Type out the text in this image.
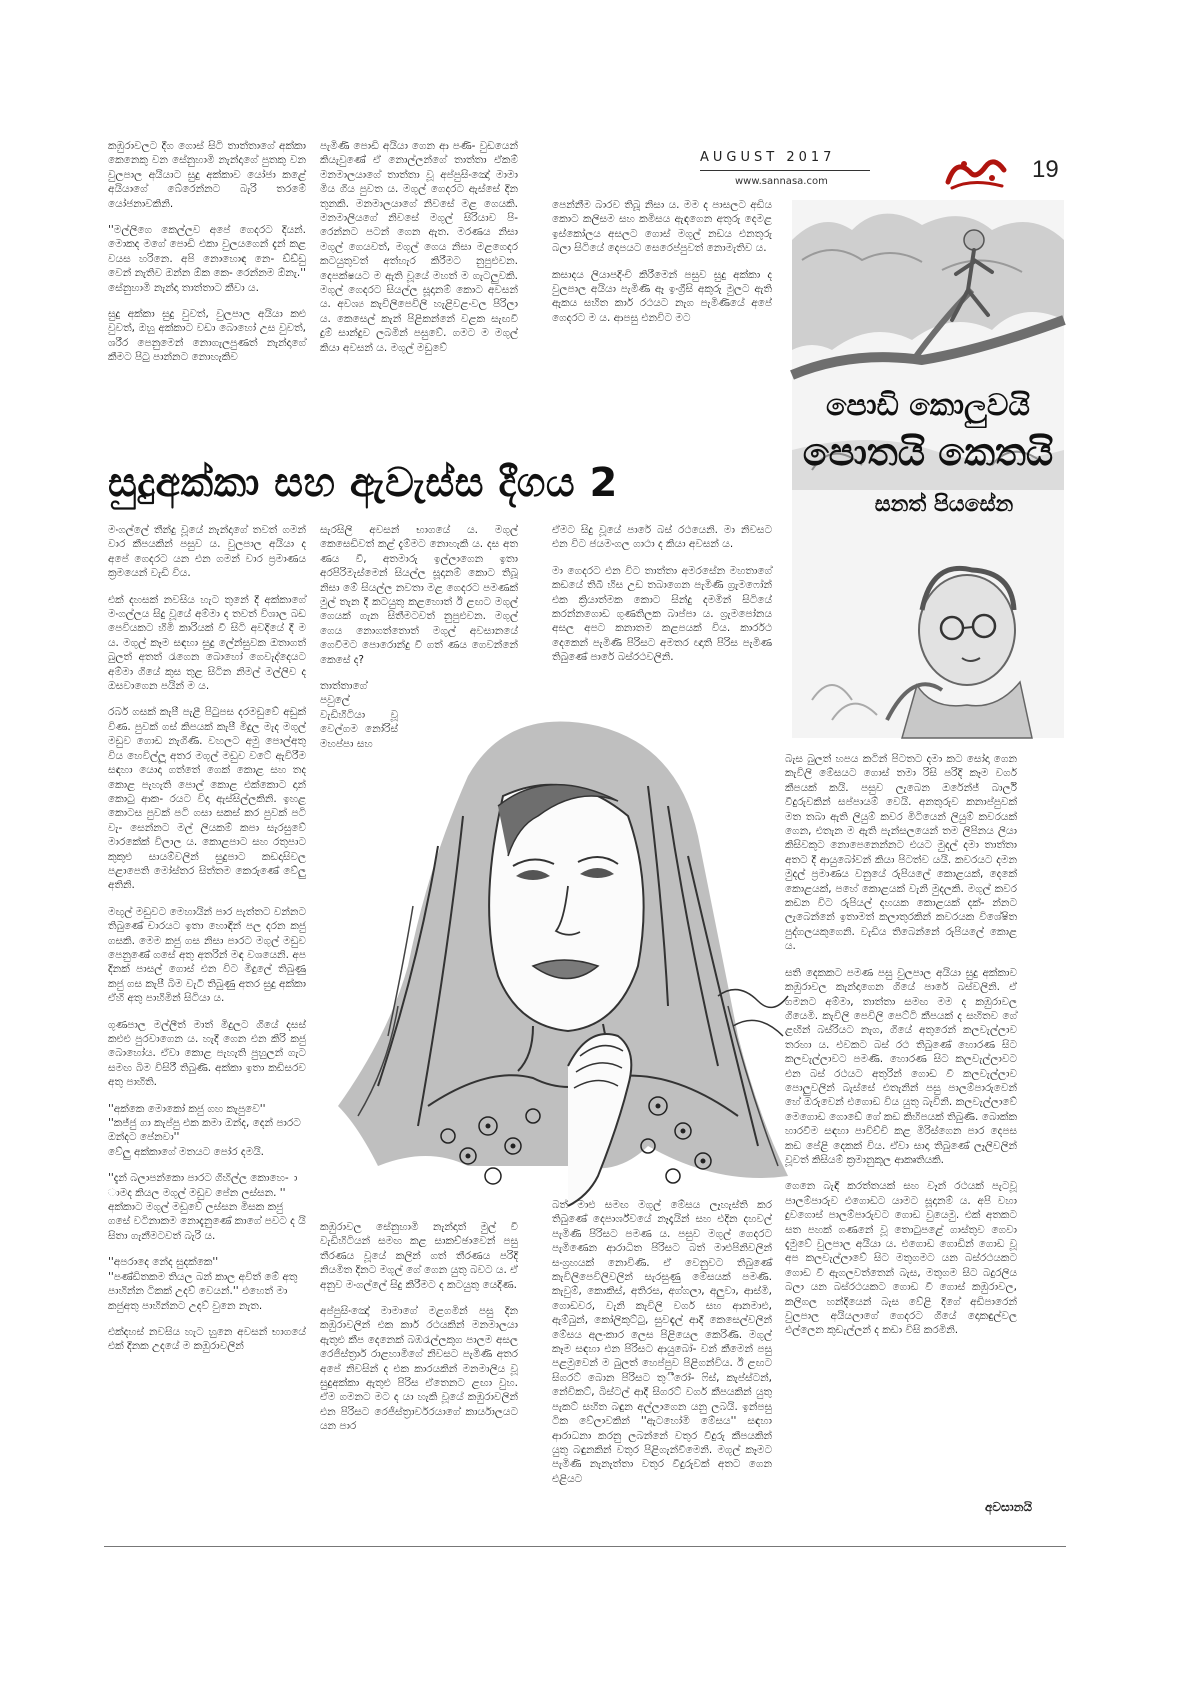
AUGUST 2017
www.sannasa.com	19

කඹුරාවලට දීග ගොස් සිටි තාත්තාගේ අක්කා කෙනෙකු වන සේනුහාමි නැන්දාගේ පුතකු වන වුලපාල අයියාට සුදු අක්කාව යෝජා කළේ අයියාගේ බේරෙන්නට බැරි තරමේ යෝජනාවකිනි.

''මල්ලිගෙ කෙල්ලව අපේ ගෙදරට දියන්. මොකද මගේ පොඩි එකා වුලයගෙන් දැන් කළ වයස හරිනෙ. අපි නොහොඳ නෙ- ඩ්ඩ්ඩු වෙන් නැතිව ඔන්න ඕක කෙ- රෙන්නම ඕනැ.'' සේනුහාමි නැන්දා තාත්තාට කීවා ය.

සුදු අක්කා සුදු වුවත්, වුලපාල අයියා කළු වුවත්, ඔහු අක්කාට වඩා බොහෝ උස වුවත්, ශරීර පෙනුමෙන් නොගැලපුණත් නැන්දාගේ කීමට පිටු පාන්නට නොහැකිව

පැමිණි පොඩි අයියා ගෙන ආ පණි- වුඩයෙන් කියැවුණේ ඒ නොල්ලන්ගේ තාත්තා ඒකම් මනමාලයාගේ තාත්තා වූ අප්පුසිංඤෝ මාමා මිය ගිය පුවත ය. මගුල් ගෙදරට ඇස්සේ දින තුනකි. මනමාලයාගේ නිවසේ මළ ගෙයකි. මනමාලියගේ නිවසේ මගුල් සිරියාව පි- රෙන්නට පටන් ගෙන ඇත. මරණය නිසා මගුල් ගෙයවත්, මගුල් ගෙය නිසා මළගෙදර කටයුතුවත් අත්හැර කිරීමට නුපුළුවන. දෙපක්ෂයට ම ඇති වූයේ මහත් ම ගැටලුවකි. මගුල් ගෙදරට සියල්ල සූදානම් කොට අවසන් ය. අවශ්‍ය කැවිලිපෙවිලි හැළිවළංවල පිරිලා ය. කෙසෙල් කැන් පිළිකන්නේ වළක සැඟවී දුම් සාන්දුව ලබමින් පසුවේ. ගමට ම මගුල් කියා අවසන් ය. මගුල් මඩුවේ

පෙන්නීම බාරව තිබූ නිසා ය. මම ද පාසලට අඩිය කොට කලිසම සහ කමිසය ඇඳගෙන අතුරු දෙමළ ඉස්කෝලය අසලට ගොස් මගුල් නඩය එනතුරු බලා සිටියේ දෙපයට සෙරෙප්පුවත් නොමැතිව ය.

කසාදය ලියාපදිංචි කිරීමෙන් පසුව සුදු අක්කා ද වුලපාල අයියා පැමිණි ඈ ඉංග්‍රීසි අකුරු මුලට ඇති ඇකය සහිත කාර් රථයට නැග පැමිණියේ අපේ ගෙදරට ම ය. ආපසු එනවිට මට

පොඩි කොලුවයි
පොතයි කෙතයි
සනත් පියසේන
සුදුඅක්කා සහ ඇවැස්ස දීගය 2

මංගල්ලේ තීන්දු වූයේ නැන්දාගේ තවත් ගමන් වාර කීපයකින් පසුව ය. වුලපාල අයියා ද අපේ ගෙදරට යන එන ගමන් වාර ප්‍රමාණය ක්‍රමයෙන් වැඩි විය.

එක් දහසක් නවසිය හැට තුනේ දී අක්කාගේ මංගල්ලය සිදු වූයේ අම්මා ද තවත් විශාල බඩ පෙවියකට හිමි කාරියක් වී සිටි අවදියේ දී ම ය. මගුල් කෑම සඳහා සුදු ලේන්සුවක ඔතාගත් බුලත් අතත් රැගෙන බොහෝ ගෙවැද්දෙයට අම්මා ගියේ කුස තුළ සිටින නිමල් මල්ලිව ද ඔසවාගෙන පයින් ම ය.

රබර් ගසක් කැපී පැළී පිටුපස දරමඩුවේ අඩුක් විණ. පුවක් ගස් කිපයක් කැපී මිදුල මැද මගුල් මඩුව ගොඩ නැගිණි. වහලට අමු පොල්අතු විය හෙවිල්ලූ අතර මගුල් මඩුව වටේ ඇවිරීම සඳහා යොදා ගත්තේ ගෙක් කොළ සහ තද කොළ පැහැති පොල් කොළ එක්කොට දාන් කොටු ආක- රයට විදා ඇස්සිල්ලකිනි. ඉහළ කොටස පුවක් පටි ගසා සකස් කර පුවක් පටි වැ- සෙන්නට මල් ලියකම් කපා සැරසුවේ මාරකේක් විලාල ය. කොළපාට සහ රතුපාට කුකුළු සායම්වලින් සුදුපාට කඩදාසිවල පළාපෙති මෝස්තර සිත්තම කෙරුණේ වේලු අතිනි.

මඟුල් මඩුවට මෙහායින් පාර පැත්තට වන්නට තිබුණේ චාරයට ඉතා හොඳින් පල දරන කජු ගසකි. මෙම කජු ගස නිසා පාරට මගුල් මඩුව පෙනුණේ ගසේ අතු අතරින් මඳ වශයෙනි. අප දිනක් පාසල් ගොස් එන විට මිදුලේ තිබුණු කජු ගස කැපී බිම වැටී තිබුණු අතර සුදු අක්කා ඒහි අතු පාහිමින් සිටියා ය.

ගුණපාල මල්ලීත් මාත් මිදුලට ගියේ දසස් කළුළු පුරවාගෙන ය. හැදී ගෙන එන කිරි කජු බොහෝය. ඒවා කොළ පැහැති පුහුලන් ගැට සමඟ බිම විසිරී තිබුණි. අක්කා ඉතා කඩිසරව අතු පාහිති.

''අක්කෙ මොකෝ කජු ගහ කැපුවෙ''
''කජ්ජු ගා කැප්පු එක කමා ඔන්ද, දෙන් පාරට ඔන්දට පේනවා''
වේලු අක්කාගේ මතයට පෝර දමයි.

''දැන් බලාපන්කො පාරට ගිහිල්ල කොහෙ- ාමද කියල මගුල් මඩුව පේන ලස්සන. '' අක්කාට මගුල් මඩුවේ ලස්සන මිසක කජු ගසේ වටිනාකම නොදැනුණේ කාගේ පවට ද යි සිතා ගැනීමටවත් බැරි ය.

''අපරාදෙ නේද සුදක්කෙ''
''පණ්ඩිතකම තියල බන් කාල අවිත් මේ අතු පාහින්න ටිකක් උදව් වෙයන්.'' එහෙත් මා කජුඅතු පාහින්නට උදව් වුනෙ නැත.

එක්දහස් නවසිය හැට හුනෙ අවසන් භාගයේ එක් දිනක උදයේ ම කඹුරාවලින්

සැරසිලි අවසන් භාගයේ ය. මගුල් කෙසෙඩිවත් කළ් දැම්මට නොහැකි ය. දස අත ණය වී, අතමාරු ඉල්ලාගෙන ඉතා අරපිරිමැස්මෙන් සියල්ල සූදානම් කොට තිබූ නිසා මේ සියල්ල නවතා මළ ගෙදරට පමණක් මුල් තැන දී කටයුතු කළහොත් ඊ ළඟට මගුල් ගෙයක් ගැන සිතීමටවත් නුපුළුවන. මගුල් ගෙය නොගත්තොත් මගුල් අවසානයේ ගෙවීමට පොරොන්දු වී ගත් ණය ගෙවන්නේ කෙසේ ද?

තාත්තාගේ පවුලේ වැඩිහිටියා වූ වෙල්ගම නෝරිස් මහප්පා සහ

ඒමට සිදු වූයේ පාරේ බස් රථයෙනි. මා නිවසට එන විට ජයමංගල ගාථා ද කියා අවසන් ය.

මා ගෙදරට එන විට තාත්තා අමරසේන මහතාගේ කඩයේ තිබී හිස උඩ තබාගෙන පැමිණි ග්‍රැමෆෝන් එක ක්‍රියාත්මක කොට සින්දු දමමින් සිටියේ කරන්නගොඩ ගුණතිලක බාප්පා ය. ග්‍රැමපෝනය අසල අපට කනාතම කළපයක් විය. කාර්රථ දෙකෙන් පැමිණි පිරිසට අමතර ඥාති පිරිස පැමිණ තිබුණේ පාරේ බස්රථවලිනි.

කඹුරාවල සේනුහාමි නැන්දාත් මුල් වී වැඩිහිටියන් සමඟ කළ සාකච්ඡාවෙන් පසු තීරණය වූයේ කලින් ගත් තීරණය පරිදි නියමිත දිනට මගුල් ගේ ගෙන යුතු බවට ය. ඒ අනුව මංගල්ලේ සිදු කිරීමට ද කටයුතු යෙදිණ.

අප්පුසිංඤෝ මාමාගේ මළගමින් පසු දින කඹුරාවලින් එක කාර් රථයකින් මනමාලයා ඇතුළු කීප දෙනෙක් බඹරැල්ලකුග පාලම අසල රෙජිස්ත්‍රාර් රාළහාමිගේ නිවසට පැමිණි අතර අපේ නිවසින් ද එක කාරයකින් මනමාලිය වූ සුදුඅක්කා ඇතුළු පිරිස ඒතෙනට ළඟා වුහ. ඒම ගමනට මට ද යා හැකි වූයේ කඹුරාවලින් එන පිරිසට රෙජිස්ත්‍රාර්වරයාගේ කාර්යාලයට යන පාර

බත් මාළු සමඟ මගුල් මේසය ලෑහැස්ති කර තිබුණේ දෙපාර්ශ්වයේ නෑදෑයින් සහ එදින දහවල් පැමිණි පිරිසට පමණ ය. පසුව මගුල් ගෙදරට පැමිණෙන ආරාධිත පිරිසට බත් මාළුපිනිවලින් සංග්‍රහයක් නොවිණි. ඒ වෙනුවට තිබුණේ කැවිලිපෙවිලිවලින් සැරසුණු මේසයක් පමණි. කැවුම්, කොකිස්, අතිරස, අග්ගලා, අලුවා, ආස්මි, ගොඩවර, වැනි කැවිලි වර්ග සහ ආනමාළු, ඇම්බුන්, කෝලිකුට්ටු, සුවඳැල් ආදී කෙසෙල්වලින් මේසය අලංකාර ලෙස පිළියෙල කෙරිණි. මගුල් කෑම සඳහා එන පිරිසට ආයුබෝ- වන් කීමෙන් පසු පළමුවෙන් ම බුලත් හෙප්පුව පිළිගන්විය. ඊ ළඟට සිගරට් බොන පිරිසට තුී්රෝ- ෆිස්, කැප්ස්ටන්, නේවිකට්, බිස්ටල් ආදී සිගරට් වර්ග කීපයකින් යුතු පැකට් සහිත බඳුන අල්ලාගෙන යනු ලබයි. ඉන්පසු ටික වේලාවකින් ''ඇටහෝමි මේසය'' සඳහා ආරාධනා කරනු ලබන්නේ වතුර වීදුරු කීපයකින් යුතු බඳුනකින් වතුර පිළිගැන්වීමෙනි. මගුල් කෑමට පැමිණි නැනැත්තා වතුර වීදුරුවක් අතට ගෙන එළියට

බැස බුලත් හපය කටින් පිටතට දමා කට සෝදා ගෙන කැවිලි මේසයට ගොස් තමා රිසි පරිදි කෑම වර්ග කීපයක් කයි. පසුව ලැබෙන ඔරේන්ජ් බාර්ලි වීදුරුවකින් සප්පායම් වෙයි. අනතුරුව කනාප්පුවක් මත තබා ඇති ලියුම් කවර මිටියෙන් ලියුම් කවරයක් ගෙන, එතැන ම ඇති පැන්සලයෙන් තම ලිපිනය ලියා කිසිවකුට නොපෙනෙන්නට එයට මුදල් දමා තාත්තා අතට දී ආයුබෝවන් කියා පිටත්ව යයි. කවරයට දමන මුදල් ප්‍රමාණය වනුයේ රුපියලේ කොළයක්, දෙකේ කොළයක්, පහේ කොළයක් වැනි මුදලකි. මගුල් කවර කඩන විට රුපියල් දහයක කොළයක් දක්- න්නට ලැබෙන්නේ ඉතාමත් කලාතුරකින් කවරයක විශේෂිත පුද්ගලයකුගෙනි. වැඩිය තිබෙන්නේ රුපියලේ කොළ ය.

සති දෙකකට පමණ පසු වුලපාල අයියා සුදු අක්කාව කඹුරාවල කැන්දාගෙන ගියේ පාරේ බස්වලිනි. ඒ ගමනට අම්මා, තාත්තා සමඟ මම ද කඹුරාවල ගියෙමි. කැවිලි පෙවිලි පෙට්ටි කීපයක් ද සහිතව ගේ ළඟින් බස්රියට නැග, ගියේ අතුරෙන් කලවැල්ලාව තරහා ය. එවකට බස් රථ තිබුණේ හොරණ සිට කලවැල්ලාවට පමණි. හොරණ සිට කලවැල්ලාවට එන බස් රථයට අතුරින් ගොඩ වී කලවැල්ලාව පොලුවලින් බැස්සේ එතැනින් පසු පාලම්පාරුවෙන් හේ ඔරුවෙන් එගොඩ විය යුතු බැවිනි. කලවැල්ලාවේ මෙගොඩ ගොඩේ ගේ කඩ කිහිපයක් තිබුණි. බොක්ක හාරවීම සඳහා පාවිච්චි කළ මිරිස්ගෙන පාර දෙපස කඩ පේළි දෙකක් විය. ඒවා සාදා තිබුණේ ලෑලිවලින් වූවත් කිසියම් ක්‍රමානුකූල ආකෘතියකි.

ගෙනෙ බැඳි කරත්තයක් සහ වෑන් රථයක් පැටවූ පාලම්පාරුව එගොඩට යාමට සූදානම් ය. අපි වහා දුවගොස් පාලම්පාරුවට ගොඩ වුයෙමු. එක් අතකට සත පහක් ගණනේ වූ තොටුපළේ ගාස්තුව ගෙවා දැමුවේ වුලපාල අයියා ය. එගොඩ ගොඩින් ගොඩ වූ අප කලවැල්ලාවේ සිට මතුගමට යන බස්රථයකට ගොඩ වී ඇගලවත්තෙන් බැස, මතුගම සිට බදුරලිය බලා යන බස්රථයකට ගොඩ වී ගොස් කඹුරාවල, කලිගල හන්දියෙන් බැස වේළි දිගේ අඩිපාරෙන් වුලපාල අයියලාගේ ගෙදරට ගියේ දොකඳුල්වල එල්ලෙන කුඩැල්ලන් ද කඩා විසි කරමිනි.

අවසානයි
